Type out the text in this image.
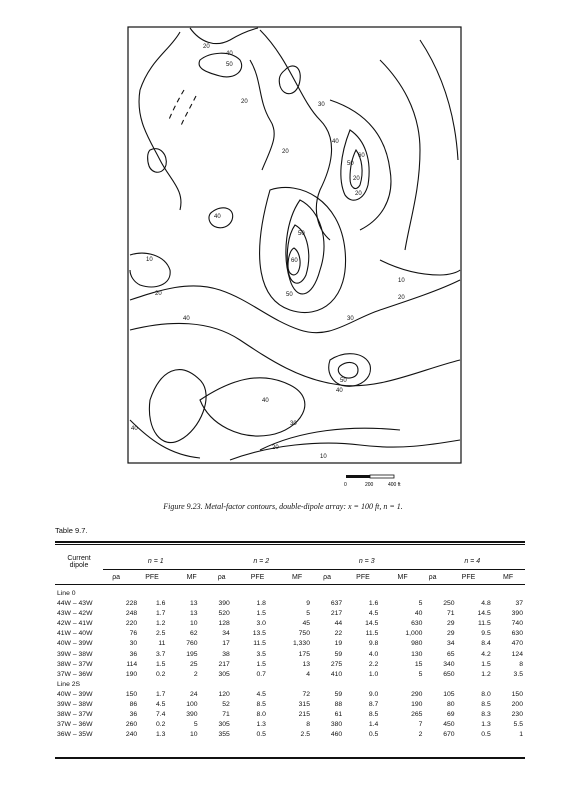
20
40
50
20
20
30
40
50
60
20
20
40
50
60
50
10
20
40
10
20
30
50
40
40
30
20
10
40
0	200	400 ft
Figure 9.23. Metal-factor contours, double-dipole array: x = 100 ft, n = 1.
Table 9.7.
Current
dipole	n = 1			n = 2			n = 3			n = 4		
	ρa	PFE	MF	ρa	PFE	MF	ρa	PFE	MF	ρa	PFE	MF
Line 0												
44W – 43W	228	1.6	13	390	1.8	9	637	1.6	5	250	4.8	37
43W – 42W	248	1.7	13	520	1.5	5	217	4.5	40	71	14.5	390
42W – 41W	220	1.2	10	128	3.0	45	44	14.5	630	29	11.5	740
41W – 40W	76	2.5	62	34	13.5	750	22	11.5	1,000	29	9.5	630
40W – 39W	30	11	760	17	11.5	1,330	19	9.8	980	34	8.4	470
39W – 38W	36	3.7	195	38	3.5	175	59	4.0	130	65	4.2	124
38W – 37W	114	1.5	25	217	1.5	13	275	2.2	15	340	1.5	8
37W – 36W	190	0.2	2	305	0.7	4	410	1.0	5	650	1.2	3.5
Line 2S												
40W – 39W	150	1.7	24	120	4.5	72	59	9.0	290	105	8.0	150
39W – 38W	86	4.5	100	52	8.5	315	88	8.7	190	80	8.5	200
38W – 37W	36	7.4	390	71	8.0	215	61	8.5	265	69	8.3	230
37W – 36W	260	0.2	5	305	1.3	8	380	1.4	7	450	1.3	5.5
36W – 35W	240	1.3	10	355	0.5	2.5	460	0.5	2	670	0.5	1
